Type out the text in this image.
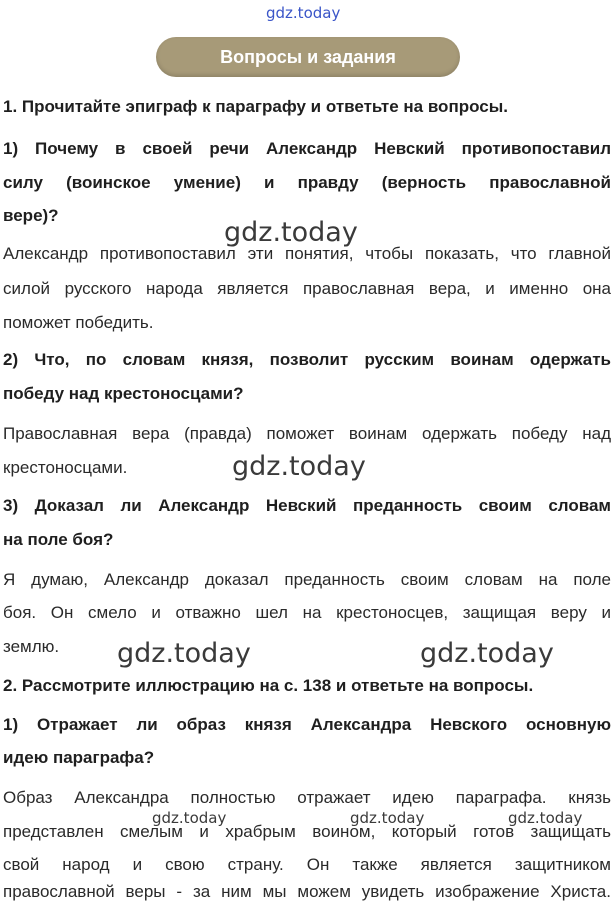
gdz.today
Вопросы и задания
1. Прочитайте эпиграф к параграфу и ответьте на вопросы.
1) Почему в своей речи Александр Невский противопоставил
силу (воинское умение) и правду (верность православной
вере)?
Александр противопоставил эти понятия, чтобы показать, что главной
силой русского народа является православная вера, и именно она
поможет победить.
2) Что, по словам князя, позволит русским воинам одержать
победу над крестоносцами?
Православная вера (правда) поможет воинам одержать победу над
крестоносцами.
3) Доказал ли Александр Невский преданность своим словам
на поле боя?
Я думаю, Александр доказал преданность своим словам на поле
боя. Он смело и отважно шел на крестоносцев, защищая веру и
землю.
2. Рассмотрите иллюстрацию на с. 138 и ответьте на вопросы.
1) Отражает ли образ князя Александра Невского основную
идею параграфа?
Образ Александра полностью отражает идею параграфа. князь
представлен смелым и храбрым воином, который готов защищать
свой народ и свою страну. Он также является защитником
православной веры - за ним мы можем увидеть изображение Христа.
gdz.today
gdz.today
gdz.today	gdz.today
gdz.today	gdz.today	gdz.today
